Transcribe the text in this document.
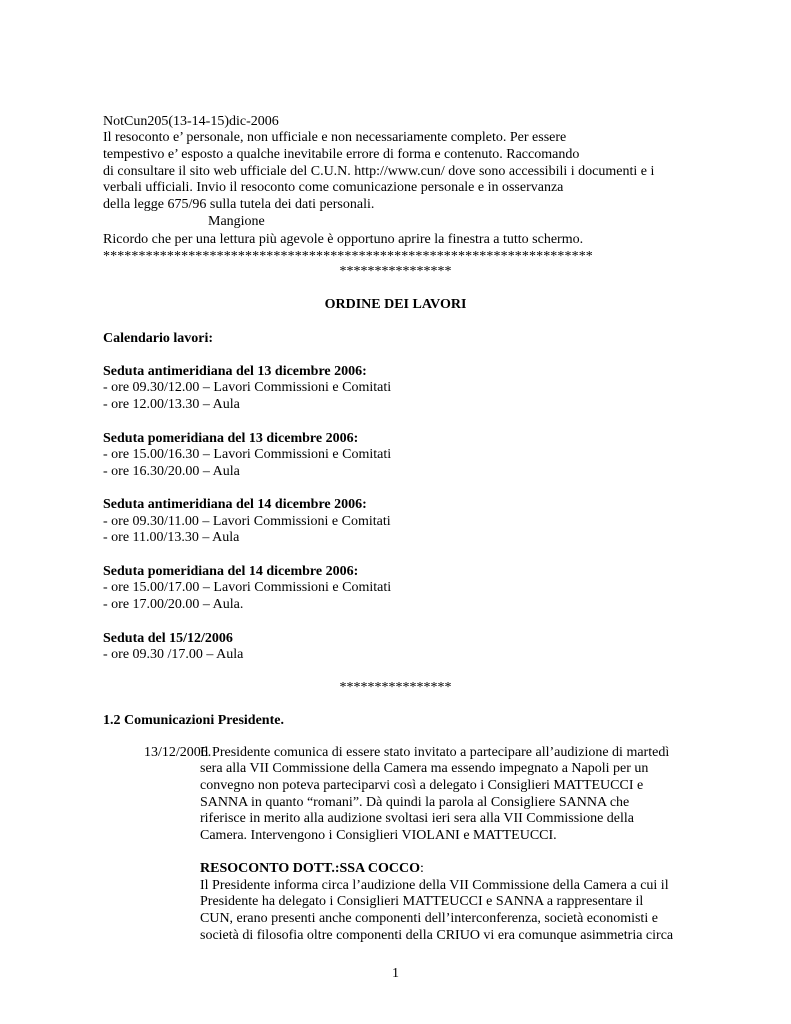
NotCun205(13-14-15)dic-2006
Il resoconto e’ personale, non ufficiale e non necessariamente completo. Per essere
tempestivo e’ esposto a qualche inevitabile errore di forma e contenuto. Raccomando
di consultare il sito web ufficiale del C.U.N. http://www.cun/ dove sono accessibili i documenti e i
verbali ufficiali. Invio il resoconto come comunicazione personale e in osservanza
della legge 675/96 sulla tutela dei dati personali.
Mangione
Ricordo che per una lettura più agevole è opportuno aprire la finestra a tutto schermo.
*********************************************************************
****************
ORDINE DEI LAVORI
Calendario lavori:
Seduta antimeridiana del 13 dicembre 2006:
- ore 09.30/12.00 – Lavori Commissioni e Comitati
- ore 12.00/13.30 – Aula
Seduta pomeridiana del 13 dicembre 2006:
- ore 15.00/16.30 – Lavori Commissioni e Comitati
- ore 16.30/20.00 – Aula
Seduta antimeridiana del 14 dicembre 2006:
- ore 09.30/11.00 – Lavori Commissioni e Comitati
- ore 11.00/13.30 – Aula
Seduta pomeridiana del 14 dicembre 2006:
- ore 15.00/17.00 – Lavori Commissioni e Comitati
- ore 17.00/20.00 – Aula.
Seduta del 15/12/2006
- ore 09.30 /17.00 – Aula
****************
1.2 Comunicazioni Presidente.
13/12/2006.
Il Presidente comunica di essere stato invitato a partecipare all’audizione di martedì
sera alla VII Commissione della Camera ma essendo impegnato a Napoli per un
convegno non poteva parteciparvi così a delegato i Consiglieri MATTEUCCI e
SANNA in quanto “romani”. Dà quindi la parola al Consigliere SANNA che
riferisce in merito alla audizione svoltasi ieri sera alla VII Commissione della
Camera. Intervengono i Consiglieri VIOLANI e MATTEUCCI.
RESOCONTO DOTT.:SSA COCCO:
Il Presidente informa circa l’audizione della VII Commissione della Camera a cui il
Presidente ha delegato i Consiglieri MATTEUCCI e SANNA a rappresentare il
CUN, erano presenti anche componenti dell’interconferenza, società economisti e
società di filosofia oltre componenti della CRIUO vi era comunque asimmetria circa
1
